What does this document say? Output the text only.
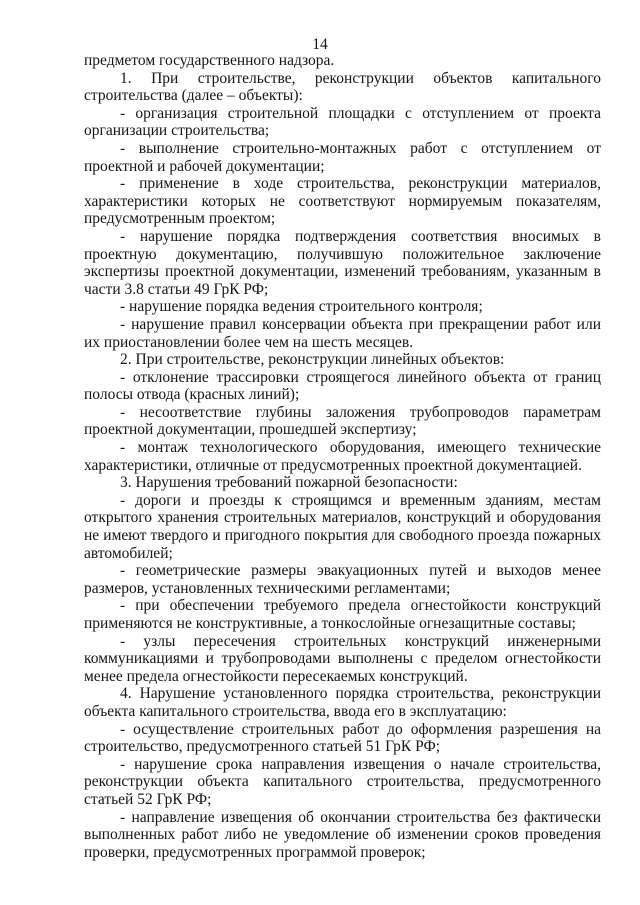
14

предметом государственного надзора.

1. При строительстве, реконструкции объектов капитального строительства (далее – объекты):

- организация строительной площадки с отступлением от проекта организации строительства;

- выполнение строительно-монтажных работ с отступлением от проектной и рабочей документации;

- применение в ходе строительства, реконструкции материалов, характеристики которых не соответствуют нормируемым показателям, предусмотренным проектом;

- нарушение порядка подтверждения соответствия вносимых в проектную документацию, получившую положительное заключение экспертизы проектной документации, изменений требованиям, указанным в части 3.8 статьи 49 ГрК РФ;

- нарушение порядка ведения строительного контроля;

- нарушение правил консервации объекта при прекращении работ или их приостановлении более чем на шесть месяцев.

2. При строительстве, реконструкции линейных объектов:

- отклонение трассировки строящегося линейного объекта от границ полосы отвода (красных линий);

- несоответствие глубины заложения трубопроводов параметрам проектной документации, прошедшей экспертизу;

- монтаж технологического оборудования, имеющего технические характеристики, отличные от предусмотренных проектной документацией.

3. Нарушения требований пожарной безопасности:

- дороги и проезды к строящимся и временным зданиям, местам открытого хранения строительных материалов, конструкций и оборудования не имеют твердого и пригодного покрытия для свободного проезда пожарных автомобилей;

- геометрические размеры эвакуационных путей и выходов менее размеров, установленных техническими регламентами;

- при обеспечении требуемого предела огнестойкости конструкций применяются не конструктивные, а тонкослойные огнезащитные составы;

- узлы пересечения строительных конструкций инженерными коммуникациями и трубопроводами выполнены с пределом огнестойкости менее предела огнестойкости пересекаемых конструкций.

4. Нарушение установленного порядка строительства, реконструкции объекта капитального строительства, ввода его в эксплуатацию:

- осуществление строительных работ до оформления разрешения на строительство, предусмотренного статьей 51 ГрК РФ;

- нарушение срока направления извещения о начале строительства, реконструкции объекта капитального строительства, предусмотренного статьей 52 ГрК РФ;

- направление извещения об окончании строительства без фактически выполненных работ либо не уведомление об изменении сроков проведения проверки, предусмотренных программой проверок;
